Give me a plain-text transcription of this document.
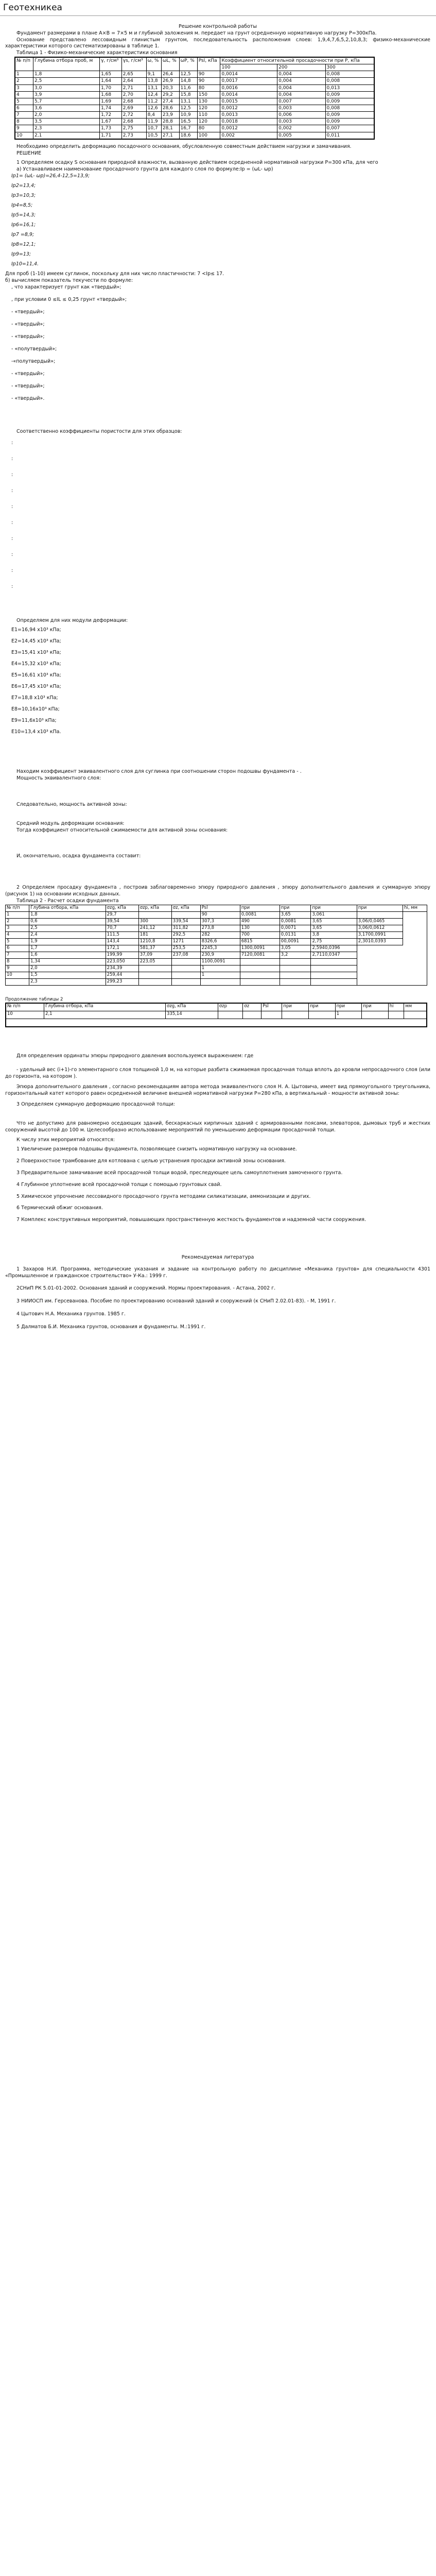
Геотехникеа

Решение контрольной работы

Фундамент размерами в плане А×В = 7×5 м и глубиной заложения м. передает на грунт осредненную нормативную нагрузку Р=300кПа.

Основание представлено лессовидным глинистым грунтом, последовательность расположения слоев: 1,9,4,7,6,5,2,10,8,3; физико-механические характеристики которого систематизированы в таблице 1.

Таблица 1 - Физико-механические характеристики основания

№ п/п	Глубина отбора проб, м	γ, г/см³	γs, г/см³	ω, %	ωL, %	ωP, %	Psl, кПа	Коэффициент относительной просадочности при Р, кПа		
								100	200	300
1	1,8	1,65	2,65	9,1	26,4	12,5	90	0,0014	0,004	0,008
2	2,5	1,64	2,64	13,8	26,9	14,8	90	0,0017	0,004	0,008
3	3,0	1,70	2,71	13,1	20,3	11,6	80	0,0016	0,004	0,013
4	3,9	1,68	2,70	12,4	29,2	15,8	150	0,0014	0,004	0,009
5	5,7	1,69	2,68	11,2	27,4	13,1	130	0,0015	0,007	0,009
6	3,6	1,74	2,69	12,6	28,6	12,5	120	0,0012	0,003	0,008
7	2,0	1,72	2,72	8,4	23,9	10,9	110	0,0013	0,006	0,009
8	3,5	1,67	2,68	11,9	28,8	16,5	120	0,0018	0,003	0,009
9	2,3	1,73	2,75	10,7	28,1	16,7	80	0,0012	0,002	0,007
10	2,1	1,71	2,73	10,5	27,1	18,6	100	0,002	0,005	0,011

Необходимо определить деформацию посадочного основания, обусловленную совместным действием нагрузки и замачивания.

РЕШЕНИЕ

1 Определяем осадку S основания природной влажности, вызванную действием осредненной нормативной нагрузки Р=300 кПа, для чего

а) Устанавливаем наименование просадочного грунта для каждого слоя по формуле:Ip = (ωL- ωp)

Ip1= (ωL- ωp)=26,4-12,5=13,9;
Ip2=13,4;
Ip3=10,3;
Ip4=8,5;
Ip5=14,3;
Ip6=16,1;
Ip7 =8,9;
Ip8=12,1;
Ip9=13;
Ip10=11,4.

Для проб (1-10) имеем суглинок, поскольку для них число пластичности: 7 <Ip≤ 17.

б) вычисляем показатель текучести по формуле:

, что характеризует грунт как «твердый»;
, при условии 0 ≤IL ≤ 0,25 грунт «твердый»;
- «твердый»;
- «твердый»;
- «твердый»;
- «полутвердый»;
-«полутвердый»;
- «твердый»;
- «твердый»;
- «твердый».

Соответственно коэффициенты пористости для этих образцов:

:
:
:
:
:
:
:
:
:
:

Определяем для них модули деформации:

E1=16,94 х10³ кПа;
E2=14,45 х10³ кПа;
E3=15,41 х10³ кПа;
E4=15,32 х10³ кПа;
E5=16,61 х10³ кПа;
E6=17,45 х10³ кПа;
E7=18,8 х10³ кПа;
E8=10,16х10³ кПа;
E9=11,6х10³ кПа;
E10=13,4 х10³ кПа.

Находим коэффициент эквивалентного слоя для суглинка при соотношении сторон подошвы фундамента - .

Мощность эквивалентного слоя:

Следовательно, мощность активной зоны:

Средний модуль деформации основания:

Тогда коэффициент относительной сжимаемости для активной зоны основания:

И, окончательно, осадка фундамента составит:

2 Определяем просадку фундамента , построив заблаговременно эпюру природного давления , эпюру дополнительного давления и суммарную эпюру (рисунок 1) на основании исходных данных.

Таблица 2 - Расчет осадки фундамента

№ п/п	Глубина отбора, кПа	σzg, кПа	σzp, кПа	σz, кПа	Psl	при	при	при	при	hi, мм
1	1,8	29,7			90	0,0081	3,65	3,061		
2	0,6	39,54	300	339,54	307,3	490	0,0081	3,65	3,06/0,0465	
3	2,5	70,7	241,12	311,82	273,8	130	0,0071	3,65	3,06/0,0612	
4	2,4	111,5	181	292,5	282	700	0,0131	3,8	3,1700,0991	
5	1,9	143,4	1210,8	1271	8326,6	6815	00,0091	2,75	2,3010,0393	
6	1,7	172,1	581,37	253,5	2245,3	1300,0091	3,05	2,5940,0396		
7	1,6	199,99	37,09	237,08	230,9	7120,0081	3,2	2,7110,0347		
8	1,34	223,050	223,05		1100,0091					
9	2,0	234,39			1					
10	1,5	259,44			1					
	2,3	299,23								

Продолжение таблицы 2

№ п/п	Глубина отбора, кПа	σzg, кПа	σzp	σz	Psl	при	при	при	при	hi	мм
10	2,1	335,14						1			

Для определения ординаты эпюры природного давления воспользуемся выражением: где

- удельный вес (i+1)-го элементарного слоя толщиной 1,0 м, на которые разбита сжимаемая просадочная толща вплоть до кровли непросадочного слоя (или до горизонта, на котором ).

Эпюра дополнительного давления , согласно рекомендациям автора метода эквивалентного слоя Н. А. Цытовича, имеет вид прямоугольного треугольника, горизонтальный катет которого равен осредненной величине внешней нормативной нагрузки Р=280 кПа, а вертикальный - мощности активной зоны:

3 Определяем суммарную деформацию просадочной толщи:

Что не допустимо для равномерно оседающих зданий, бескаркасных кирпичных зданий с армированными поясами, элеваторов, дымовых труб и жестких сооружений высотой до 100 м. Целесообразно использование мероприятий по уменьшению деформации просадочной толщи.

К числу этих мероприятий относятся:

1 Увеличение размеров подошвы фундамента, позволяющее снизить нормативную нагрузку на основание.

2 Поверхностное трамбование для котлована с целью устранения просадки активной зоны основания.

3 Предварительное замачивание всей просадочной толщи водой, преследующее цель самоуплотнения замоченного грунта.

4 Глубинное уплотнение всей просадочной толщи с помощью грунтовых свай.

5 Химическое упрочнение лессовидного просадочного грунта методами силикатизации, аммонизации и других.

6 Термический обжиг основания.

7 Комплекс конструктивных мероприятий, повышающих пространственную жесткость фундаментов и надземной части сооружения.

Рекомендуемая литература

1 Захаров Н.И. Программа, методические указания и задание на контрольную работу по дисциплине «Механика грунтов» для специальности 4301 «Промышленное и гражданское строительство» У-Ка.: 1999 г.

2СНиП РК 5.01-01-2002. Основания зданий и сооружений. Нормы проектирования. - Астана, 2002 г.

3 НИИОСП им. Герсеванова. Пособие по проектированию оснований зданий и сооружений (к СНиП 2.02.01-83). - М, 1991 г.

4 Цытович Н.А. Механика грунтов. 1985 г.

5 Далматов Б.И. Механика грунтов, основания и фундаменты. М.:1991 г.
